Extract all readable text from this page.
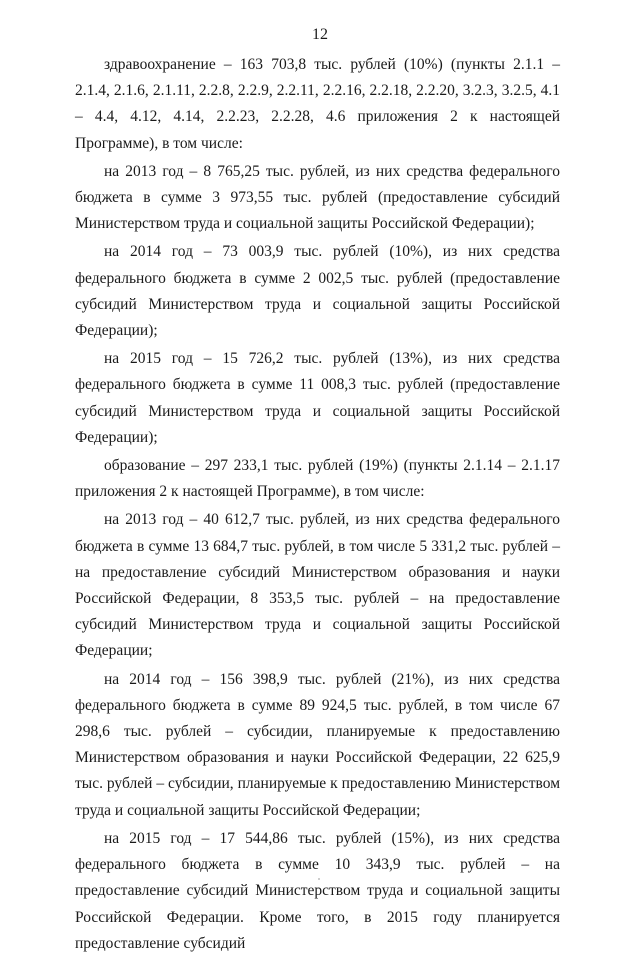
12

здравоохранение – 163 703,8 тыс. рублей (10%) (пункты 2.1.1 – 2.1.4, 2.1.6, 2.1.11, 2.2.8, 2.2.9, 2.2.11, 2.2.16, 2.2.18, 2.2.20, 3.2.3, 3.2.5, 4.1 – 4.4, 4.12, 4.14, 2.2.23, 2.2.28, 4.6 приложения 2 к настоящей Программе), в том числе:

на 2013 год – 8 765,25 тыс. рублей, из них средства федерального бюджета в сумме 3 973,55 тыс. рублей (предоставление субсидий Министерством труда и социальной защиты Российской Федерации);

на 2014 год – 73 003,9 тыс. рублей (10%), из них средства федерального бюджета в сумме 2 002,5 тыс. рублей (предоставление субсидий Министерством труда и социальной защиты Российской Федерации);

на 2015 год – 15 726,2 тыс. рублей (13%), из них средства федерального бюджета в сумме 11 008,3 тыс. рублей (предоставление субсидий Министерством труда и социальной защиты Российской Федерации);

образование – 297 233,1 тыс. рублей (19%) (пункты 2.1.14 – 2.1.17 приложения 2 к настоящей Программе), в том числе:

на 2013 год – 40 612,7 тыс. рублей, из них средства федерального бюджета в сумме 13 684,7 тыс. рублей, в том числе 5 331,2 тыс. рублей – на предоставление субсидий Министерством образования и науки Российской Федерации, 8 353,5 тыс. рублей – на предоставление субсидий Министерством труда и социальной защиты Российской Федерации;

на 2014 год – 156 398,9 тыс. рублей (21%), из них средства федерального бюджета в сумме 89 924,5 тыс. рублей, в том числе 67 298,6 тыс. рублей – субсидии, планируемые к предоставлению Министерством образования и науки Российской Федерации, 22 625,9 тыс. рублей – субсидии, планируемые к предоставлению Министерством труда и социальной защиты Российской Федерации;

на 2015 год – 17 544,86 тыс. рублей (15%), из них средства федерального бюджета в сумме 10 343,9 тыс. рублей – на предоставление субсидий Министерством труда и социальной защиты Российской Федерации. Кроме того, в 2015 году планируется предоставление субсидий
